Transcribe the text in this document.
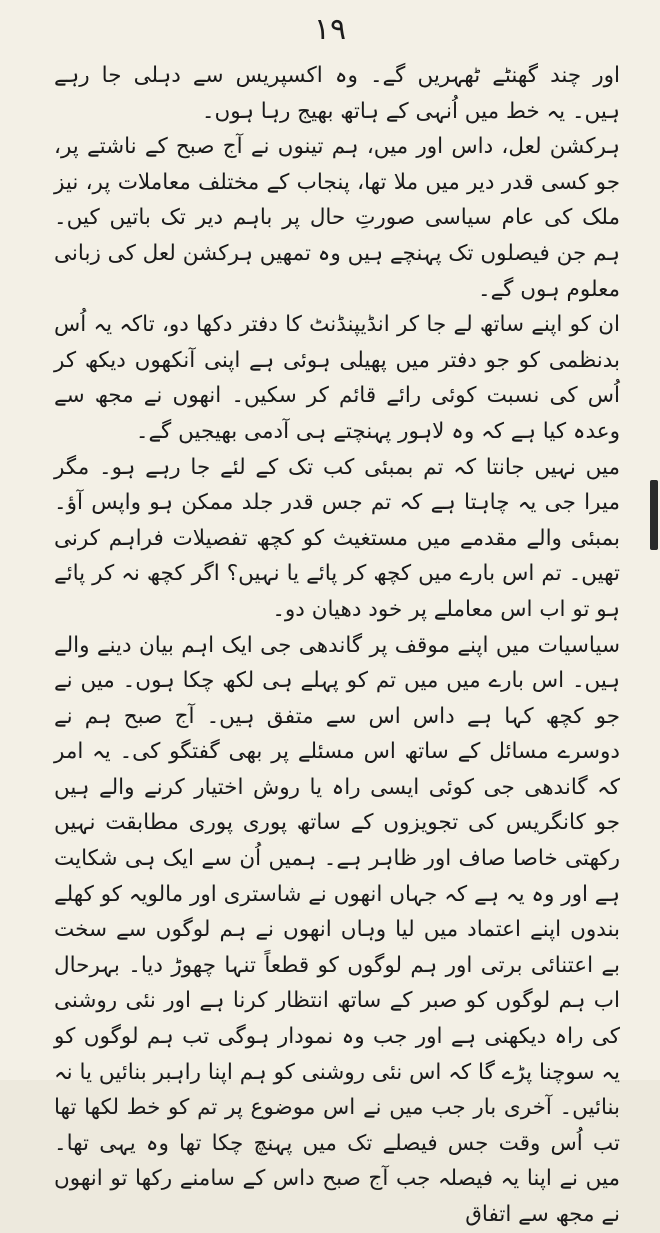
۱۹

اور چند گھنٹے ٹھہریں گے۔ وہ اکسپریس سے دہلی جا رہے ہیں۔ یہ خط میں اُنہی کے ہاتھ بھیج رہا ہوں۔

ہرکشن لعل، داس اور میں، ہم تینوں نے آج صبح کے ناشتے پر، جو کسی قدر دیر میں ملا تھا، پنجاب کے مختلف معاملات پر، نیز ملک کی عام سیاسی صورتِ حال پر باہم دیر تک باتیں کیں۔ ہم جن فیصلوں تک پہنچے ہیں وہ تمھیں ہرکشن لعل کی زبانی معلوم ہوں گے۔

ان کو اپنے ساتھ لے جا کر انڈیپنڈنٹ کا دفتر دکھا دو، تاکہ یہ اُس بدنظمی کو جو دفتر میں پھیلی ہوئی ہے اپنی آنکھوں دیکھ کر اُس کی نسبت کوئی رائے قائم کر سکیں۔ انھوں نے مجھ سے وعدہ کیا ہے کہ وہ لاہور پہنچتے ہی آدمی بھیجیں گے۔

میں نہیں جانتا کہ تم بمبئی کب تک کے لئے جا رہے ہو۔ مگر میرا جی یہ چاہتا ہے کہ تم جس قدر جلد ممکن ہو واپس آؤ۔ بمبئی والے مقدمے میں مستغیث کو کچھ تفصیلات فراہم کرنی تھیں۔ تم اس بارے میں کچھ کر پائے یا نہیں؟ اگر کچھ نہ کر پائے ہو تو اب اس معاملے پر خود دھیان دو۔

سیاسیات میں اپنے موقف پر گاندھی جی ایک اہم بیان دینے والے ہیں۔ اس بارے میں میں تم کو پہلے ہی لکھ چکا ہوں۔ میں نے جو کچھ کہا ہے داس اس سے متفق ہیں۔ آج صبح ہم نے دوسرے مسائل کے ساتھ اس مسئلے پر بھی گفتگو کی۔ یہ امر کہ گاندھی جی کوئی ایسی راہ یا روش اختیار کرنے والے ہیں جو کانگریس کی تجویزوں کے ساتھ پوری پوری مطابقت نہیں رکھتی خاصا صاف اور ظاہر ہے۔ ہمیں اُن سے ایک ہی شکایت ہے اور وہ یہ ہے کہ جہاں انھوں نے شاستری اور مالویہ کو کھلے بندوں اپنے اعتماد میں لیا وہاں انھوں نے ہم لوگوں سے سخت بے اعتنائی برتی اور ہم لوگوں کو قطعاً تنہا چھوڑ دیا۔ بہرحال اب ہم لوگوں کو صبر کے ساتھ انتظار کرنا ہے اور نئی روشنی کی راہ دیکھنی ہے اور جب وہ نمودار ہوگی تب ہم لوگوں کو یہ سوچنا پڑے گا کہ اس نئی روشنی کو ہم اپنا راہبر بنائیں یا نہ بنائیں۔ آخری بار جب میں نے اس موضوع پر تم کو خط لکھا تھا تب اُس وقت جس فیصلے تک میں پہنچ چکا تھا وہ یہی تھا۔ میں نے اپنا یہ فیصلہ جب آج صبح داس کے سامنے رکھا تو انھوں نے مجھ سے اتفاق
